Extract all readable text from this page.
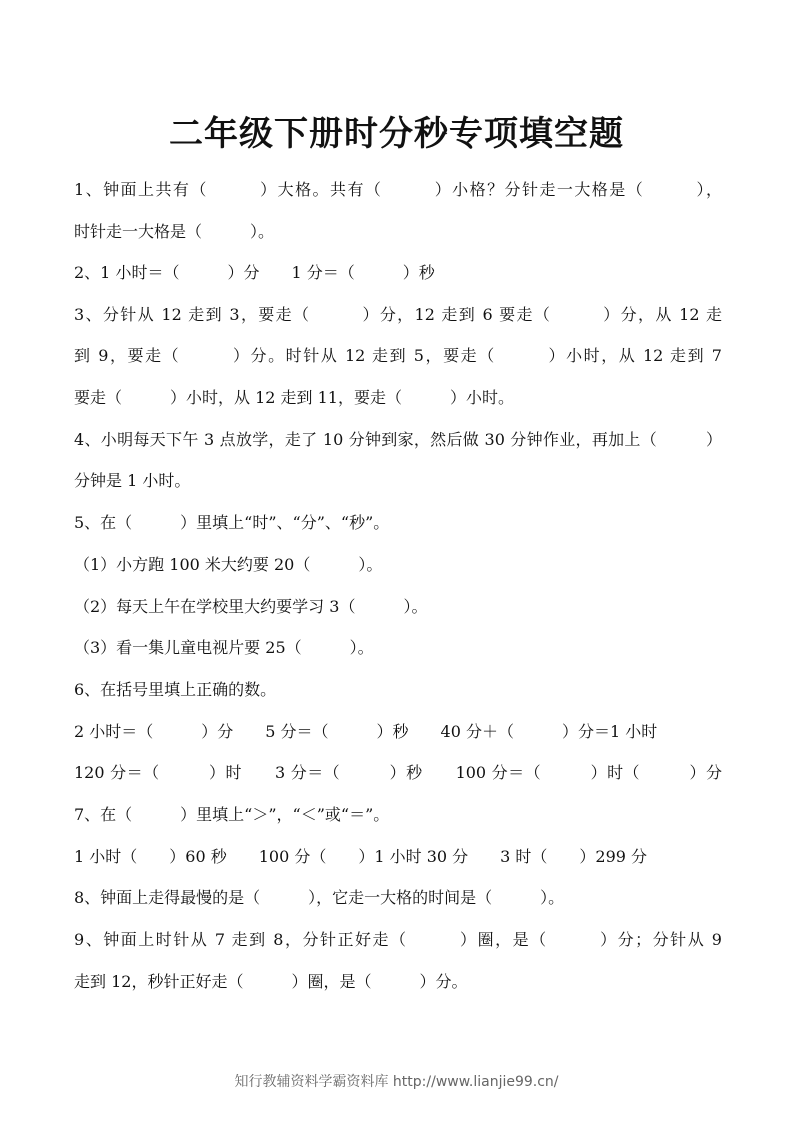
二年级下册时分秒专项填空题
1、钟面上共有（　　　）大格。共有（　　　）小格？分针走一大格是（　　　），
时针走一大格是（　　　）。
2、1 小时＝（　　　）分　　1 分＝（　　　）秒
3、分针从 12 走到 3，要走（　　　）分，12 走到 6 要走（　　　）分，从 12 走
到 9，要走（　　　）分。时针从 12 走到 5，要走（　　　）小时，从 12 走到 7
要走（　　　）小时，从 12 走到 11，要走（　　　）小时。
4、小明每天下午 3 点放学，走了 10 分钟到家，然后做 30 分钟作业，再加上（　　　）
分钟是 1 小时。
5、在（　　　）里填上“时”、“分”、“秒”。
（1）小方跑 100 米大约要 20（　　　）。
（2）每天上午在学校里大约要学习 3（　　　）。
（3）看一集儿童电视片要 25（　　　）。
6、在括号里填上正确的数。
2 小时＝（　　　）分　　5 分＝（　　　）秒　　40 分＋（　　　）分＝1 小时
120 分＝（　　　）时　　3 分＝（　　　）秒　　100 分＝（　　　）时（　　　）分
7、在（　　　）里填上“＞”，“＜”或“＝”。
1 小时（　　）60 秒　　100 分（　　）1 小时 30 分　　3 时（　　）299 分
8、钟面上走得最慢的是（　　　），它走一大格的时间是（　　　）。
9、钟面上时针从 7 走到 8，分针正好走（　　　）圈，是（　　　）分；分针从 9
走到 12，秒针正好走（　　　）圈，是（　　　）分。
知行教辅资料学霸资料库 http://www.lianjie99.cn/
